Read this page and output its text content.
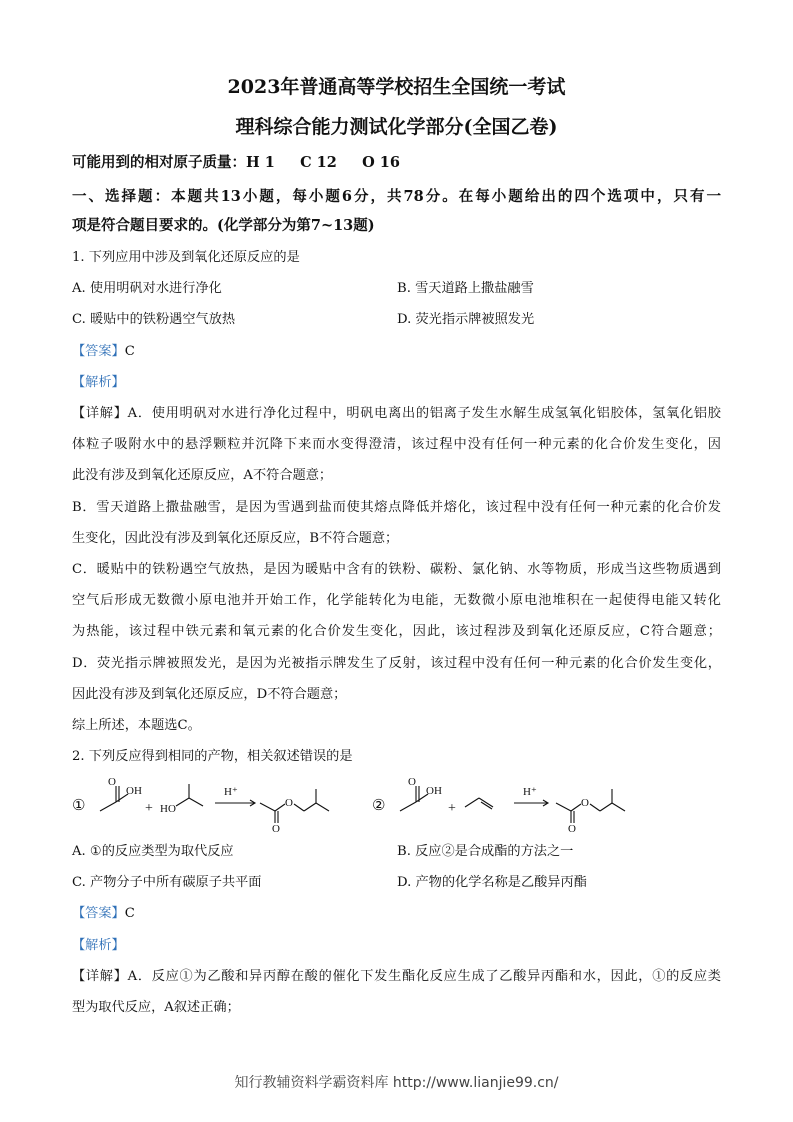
2023年普通高等学校招生全国统一考试
理科综合能力测试化学部分(全国乙卷)
可能用到的相对原子质量：H 1     C 12     O 16
一、选择题：本题共13小题，每小题6分，共78分。在每小题给出的四个选项中，只有一
项是符合题目要求的。(化学部分为第7~13题)
1. 下列应用中涉及到氧化还原反应的是
A. 使用明矾对水进行净化	B. 雪天道路上撒盐融雪
C. 暖贴中的铁粉遇空气放热	D. 荧光指示牌被照发光
【答案】C
【解析】
【详解】A．使用明矾对水进行净化过程中，明矾电离出的铝离子发生水解生成氢氧化铝胶体，氢氧化铝胶
体粒子吸附水中的悬浮颗粒并沉降下来而水变得澄清，该过程中没有任何一种元素的化合价发生变化，因
此没有涉及到氧化还原反应，A不符合题意；
B．雪天道路上撒盐融雪，是因为雪遇到盐而使其熔点降低并熔化，该过程中没有任何一种元素的化合价发
生变化，因此没有涉及到氧化还原反应，B不符合题意；
C．暖贴中的铁粉遇空气放热，是因为暖贴中含有的铁粉、碳粉、氯化钠、水等物质，形成当这些物质遇到
空气后形成无数微小原电池并开始工作，化学能转化为电能，无数微小原电池堆积在一起使得电能又转化
为热能，该过程中铁元素和氧元素的化合价发生变化，因此，该过程涉及到氧化还原反应，C符合题意；
D．荧光指示牌被照发光，是因为光被指示牌发生了反射，该过程中没有任何一种元素的化合价发生变化，
因此没有涉及到氧化还原反应，D不符合题意；
综上所述，本题选C。
2. 下列反应得到相同的产物，相关叙述错误的是
①
O
OH
+ HO
H⁺
O
O
②
O
OH
+
H⁺
O
O
A. ①的反应类型为取代反应	B. 反应②是合成酯的方法之一
C. 产物分子中所有碳原子共平面	D. 产物的化学名称是乙酸异丙酯
【答案】C
【解析】
【详解】A．反应①为乙酸和异丙醇在酸的催化下发生酯化反应生成了乙酸异丙酯和水，因此，①的反应类
型为取代反应，A叙述正确；
知行教辅资料学霸资料库 http://www.lianjie99.cn/
